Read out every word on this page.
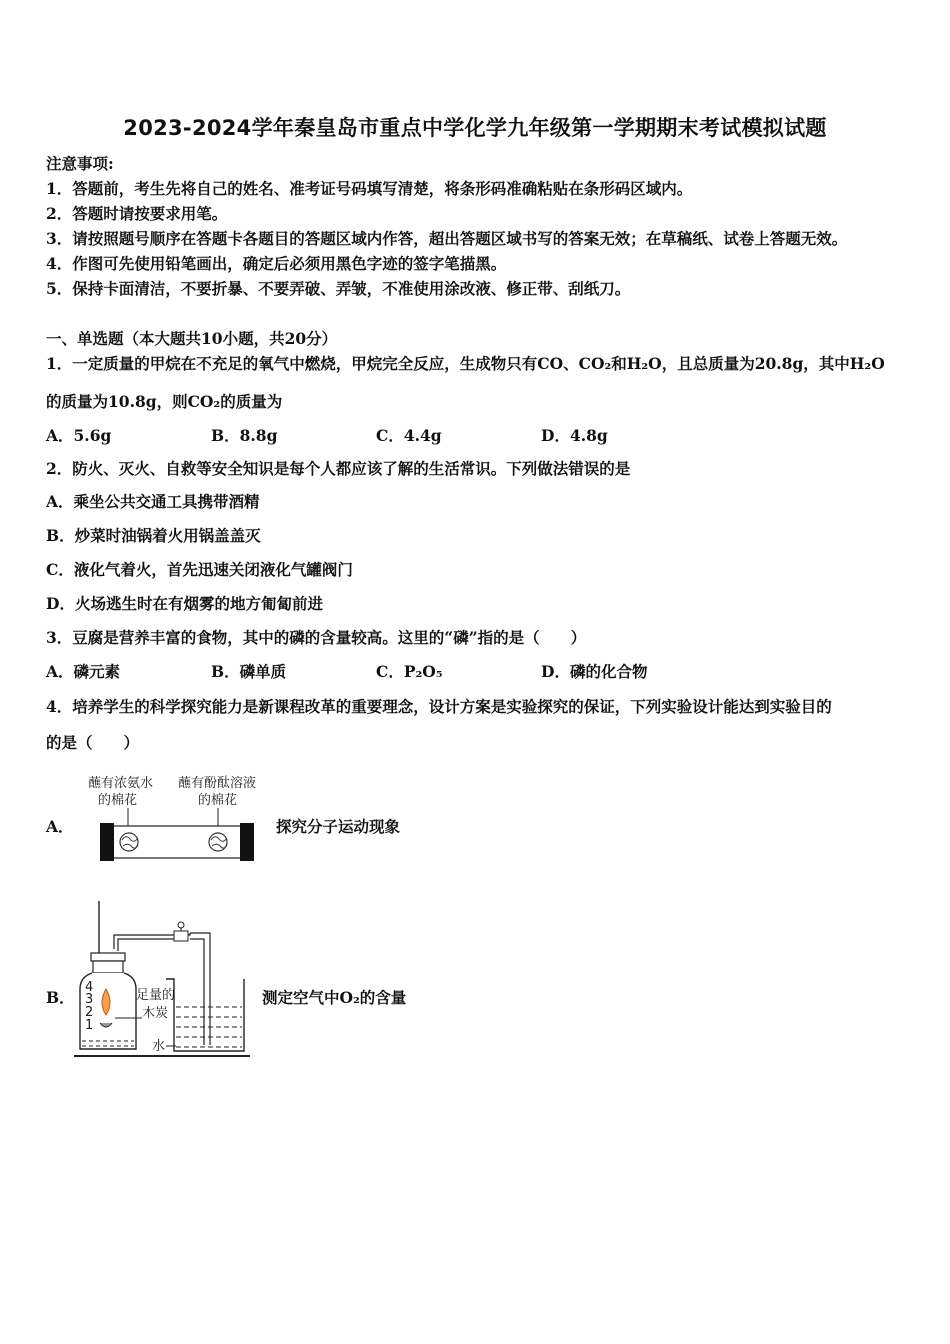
2023-2024学年秦皇岛市重点中学化学九年级第一学期期末考试模拟试题
注意事项:
1．答题前，考生先将自己的姓名、准考证号码填写清楚，将条形码准确粘贴在条形码区域内。
2．答题时请按要求用笔。
3．请按照题号顺序在答题卡各题目的答题区域内作答，超出答题区域书写的答案无效；在草稿纸、试卷上答题无效。
4．作图可先使用铅笔画出，确定后必须用黑色字迹的签字笔描黑。
5．保持卡面清洁，不要折暴、不要弄破、弄皱，不准使用涂改液、修正带、刮纸刀。
一、单选题（本大题共10小题，共20分）
1．一定质量的甲烷在不充足的氧气中燃烧，甲烷完全反应，生成物只有CO、CO₂和H₂O，且总质量为20.8g，其中H₂O
的质量为10.8g，则CO₂的质量为
A．5.6g	B．8.8g	C．4.4g	D．4.8g
2．防火、灭火、自救等安全知识是每个人都应该了解的生活常识。下列做法错误的是
A．乘坐公共交通工具携带酒精
B．炒菜时油锅着火用锅盖盖灭
C．液化气着火，首先迅速关闭液化气罐阀门
D．火场逃生时在有烟雾的地方匍匐前进
3．豆腐是营养丰富的食物，其中的磷的含量较高。这里的“磷”指的是（　　）
A．磷元素	B．磷单质	C．P₂O₅	D．磷的化合物
4．培养学生的科学探究能力是新课程改革的重要理念，设计方案是实验探究的保证，下列实验设计能达到实验目的
的是（　　）
A．
蘸有浓氨水
的棉花
蘸有酚酞溶液
的棉花
探究分子运动现象
B．
4
3
2
1
足量的
木炭
水
测定空气中O₂的含量
